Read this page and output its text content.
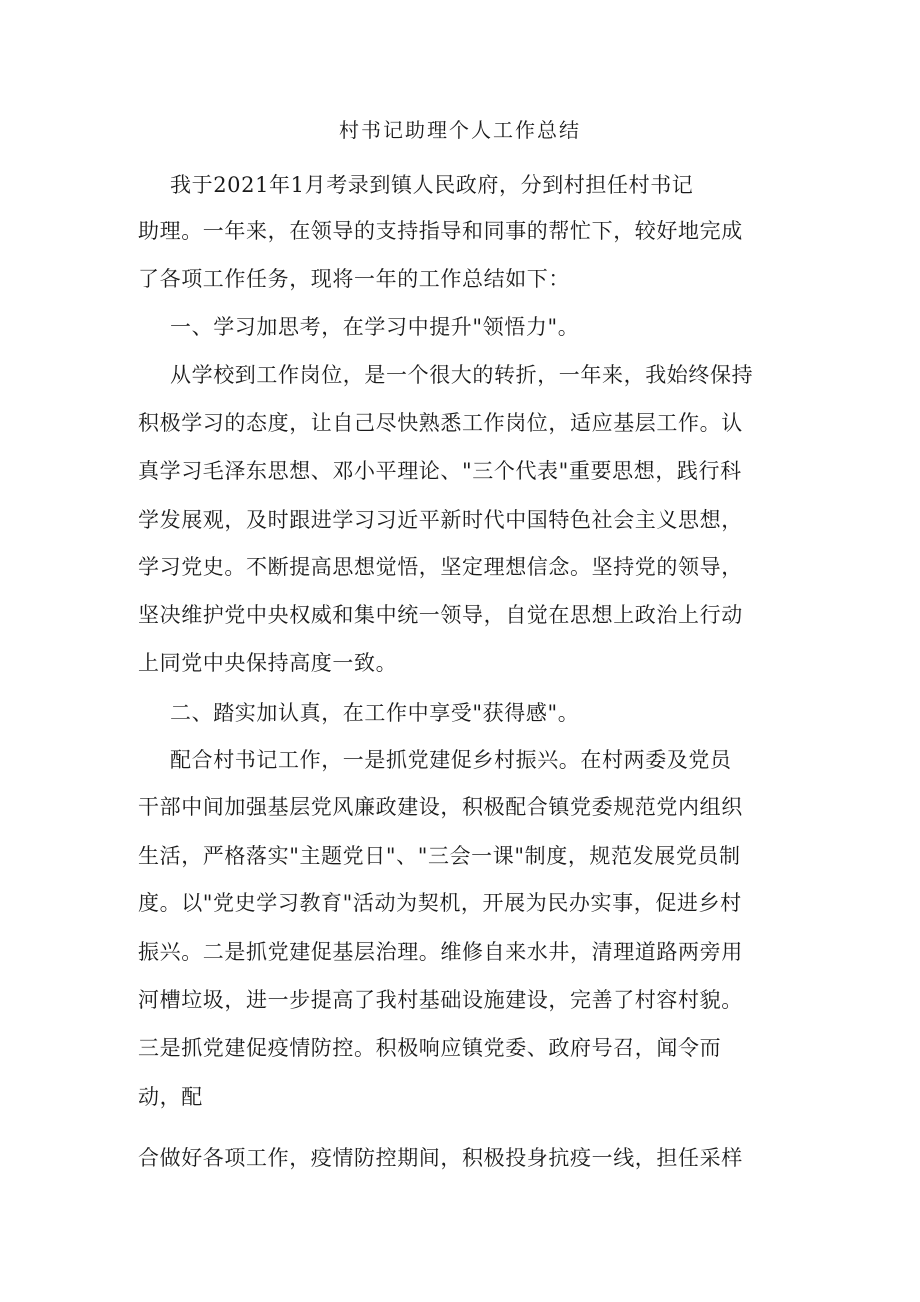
村书记助理个人工作总结
我于2021年1月考录到镇人民政府，分到村担任村书记
助理。一年来，在领导的支持指导和同事的帮忙下，较好地完成
了各项工作任务，现将一年的工作总结如下：
一、学习加思考，在学习中提升"领悟力"。
从学校到工作岗位，是一个很大的转折，一年来，我始终保持
积极学习的态度，让自己尽快熟悉工作岗位，适应基层工作。认
真学习毛泽东思想、邓小平理论、"三个代表"重要思想，践行科
学发展观，及时跟进学习习近平新时代中国特色社会主义思想，
学习党史。不断提高思想觉悟，坚定理想信念。坚持党的领导，
坚决维护党中央权威和集中统一领导，自觉在思想上政治上行动
上同党中央保持高度一致。
二、踏实加认真，在工作中享受"获得感"。
配合村书记工作，一是抓党建促乡村振兴。在村两委及党员
干部中间加强基层党风廉政建设，积极配合镇党委规范党内组织
生活，严格落实"主题党日"、"三会一课"制度，规范发展党员制
度。以"党史学习教育"活动为契机，开展为民办实事，促进乡村
振兴。二是抓党建促基层治理。维修自来水井，清理道路两旁用
河槽垃圾，进一步提高了我村基础设施建设，完善了村容村貌。
三是抓党建促疫情防控。积极响应镇党委、政府号召，闻令而
动，配
合做好各项工作，疫情防控期间，积极投身抗疫一线，担任采样
